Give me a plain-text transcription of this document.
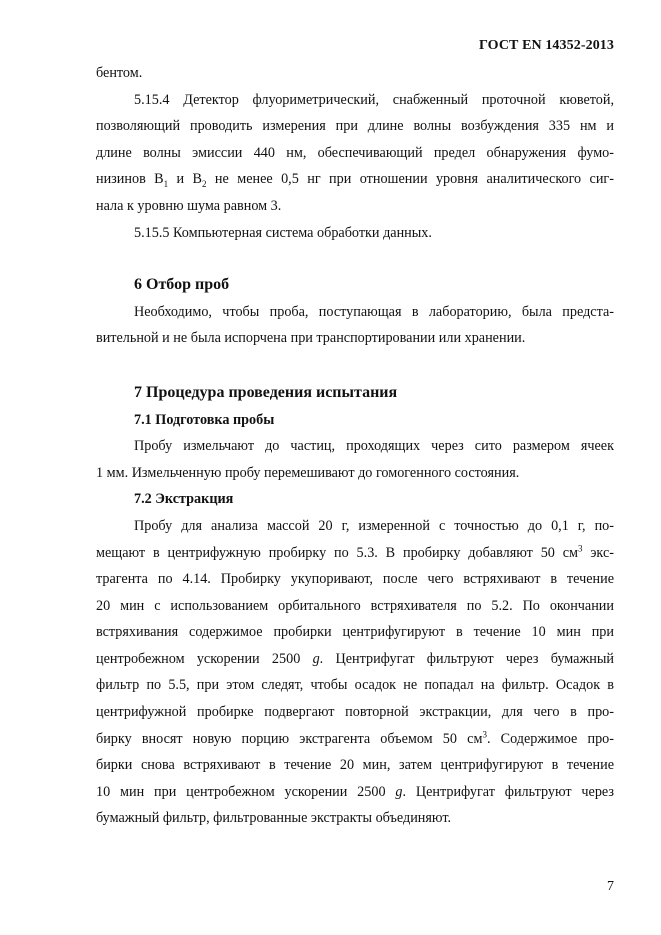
ГОСТ EN 14352-2013
бентом.
5.15.4 Детектор флуориметрический, снабженный проточной кюветой,
позволяющий проводить измерения при длине волны возбуждения 335 нм и
длине волны эмиссии 440 нм, обеспечивающий предел обнаружения фумо-
низинов $В_1$ и $В_2$ не менее 0,5 нг при отношении уровня аналитического сиг-
нала к уровню шума равном 3.
5.15.5 Компьютерная система обработки данных.
6 Отбор проб
Необходимо, чтобы проба, поступающая в лабораторию, была предста-
вительной и не была испорчена при транспортировании или хранении.
7 Процедура проведения испытания
7.1 Подготовка пробы
Пробу измельчают до частиц, проходящих через сито размером ячеек
1 мм. Измельченную пробу перемешивают до гомогенного состояния.
7.2 Экстракция
Пробу для анализа массой 20 г, измеренной с точностью до 0,1 г, по-
мещают в центрифужную пробирку по 5.3. В пробирку добавляют 50 $см^3$ экс-
трагента по 4.14. Пробирку укупоривают, после чего встряхивают в течение
20 мин с использованием орбитального встряхивателя по 5.2. По окончании
встряхивания содержимое пробирки центрифугируют в течение 10 мин при
центробежном ускорении 2500 g. Центрифугат фильтруют через бумажный
фильтр по 5.5, при этом следят, чтобы осадок не попадал на фильтр. Осадок в
центрифужной пробирке подвергают повторной экстракции, для чего в про-
бирку вносят новую порцию экстрагента объемом 50 $см^3$. Содержимое про-
бирки снова встряхивают в течение 20 мин, затем центрифугируют в течение
10 мин при центробежном ускорении 2500 g. Центрифугат фильтруют через
бумажный фильтр, фильтрованные экстракты объединяют.
7
